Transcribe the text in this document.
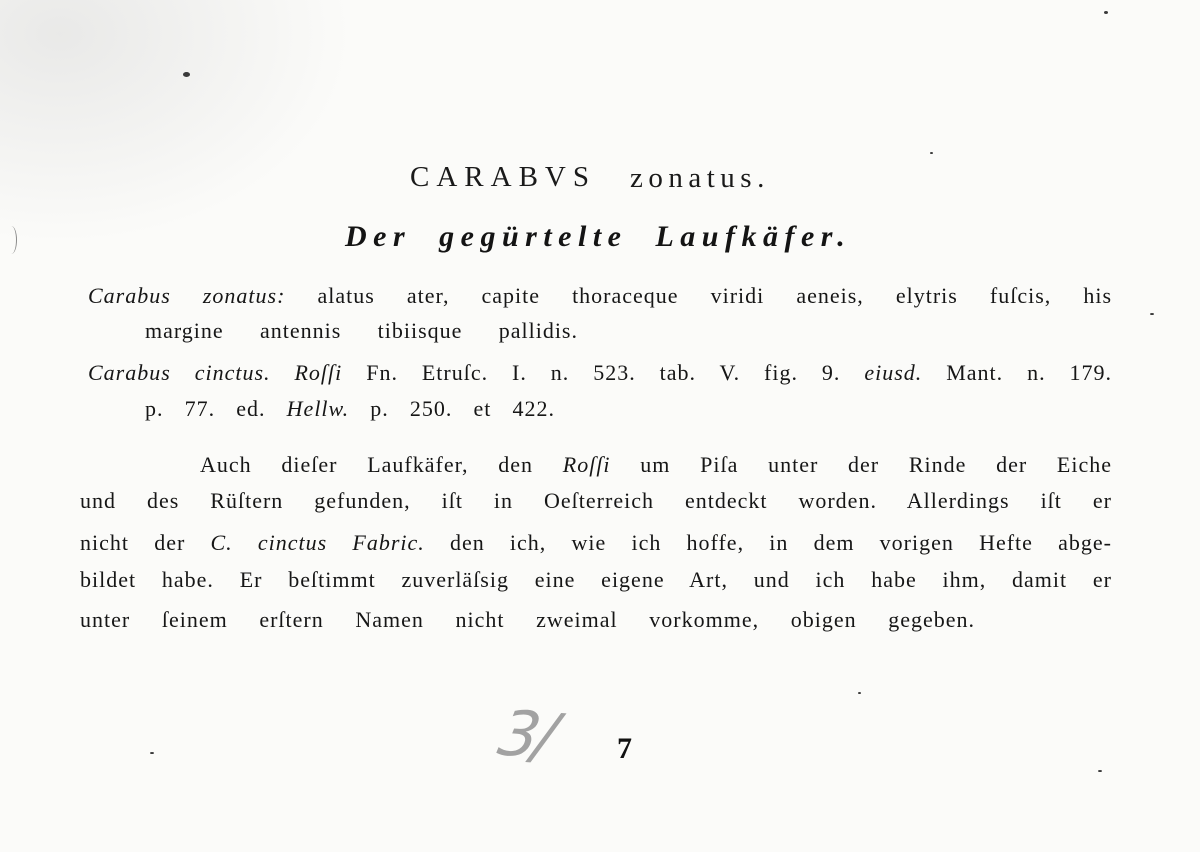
CARABVS zonatus.
Der gegürtelte Laufkäfer.
Carabus zonatus: alatus ater, capite thoraceque viridi aeneis, elytris fuſcis, his
margine antennis tibiisque pallidis.
Carabus cinctus. Roſſi Fn. Etruſc. I. n. 523. tab. V. fig. 9. eiusd. Mant. n. 179.
p. 77. ed. Hellw. p. 250. et 422.
Auch dieſer Laufkäfer, den Roſſi um Piſa unter der Rinde der Eiche
und des Rüſtern gefunden, iſt in Oeſterreich entdeckt worden. Allerdings iſt er
nicht der C. cinctus Fabric. den ich, wie ich hoffe, in dem vorigen Hefte abge-
bildet habe. Er beſtimmt zuverläſsig eine eigene Art, und ich habe ihm, damit er
unter ſeinem erſtern Namen nicht zweimal vorkomme, obigen gegeben.
3/ 7
